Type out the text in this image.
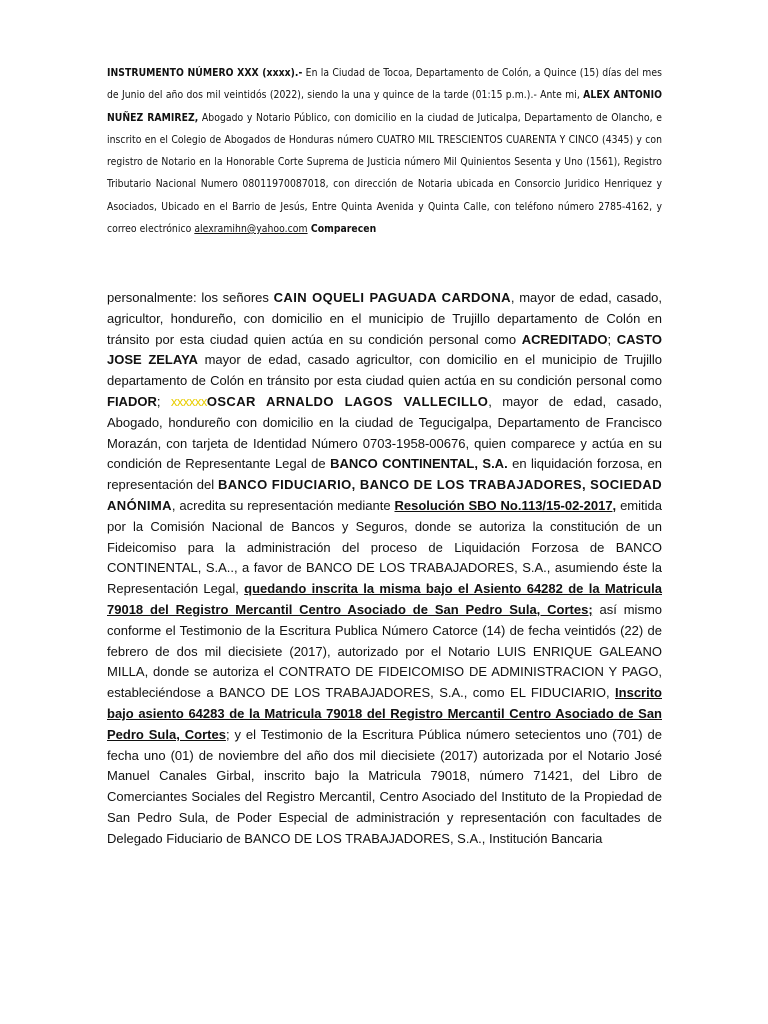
INSTRUMENTO NÚMERO XXX (xxxx).- En la Ciudad de Tocoa, Departamento de Colón, a Quince (15) días del mes de Junio del año dos mil veintidós (2022), siendo la una y quince de la tarde (01:15 p.m.).- Ante mi, ALEX ANTONIO NUÑEZ RAMIREZ, Abogado y Notario Público, con domicilio en la ciudad de Juticalpa, Departamento de Olancho, e inscrito en el Colegio de Abogados de Honduras número CUATRO MIL TRESCIENTOS CUARENTA Y CINCO (4345) y con registro de Notario en la Honorable Corte Suprema de Justicia número Mil Quinientos Sesenta y Uno (1561), Registro Tributario Nacional Numero 08011970087018, con dirección de Notaria ubicada en Consorcio Juridico Henriquez y Asociados, Ubicado en el Barrio de Jesús, Entre Quinta Avenida y Quinta Calle, con teléfono número 2785-4162, y correo electrónico alexramihn@yahoo.com Comparecen
personalmente: los señores CAIN OQUELI PAGUADA CARDONA, mayor de edad, casado, agricultor, hondureño, con domicilio en el municipio de Trujillo departamento de Colón en tránsito por esta ciudad quien actúa en su condición personal como ACREDITADO; CASTO JOSE ZELAYA mayor de edad, casado agricultor, con domicilio en el municipio de Trujillo departamento de Colón en tránsito por esta ciudad quien actúa en su condición personal como FIADOR; xxxxxxOSCAR ARNALDO LAGOS VALLECILLO, mayor de edad, casado, Abogado, hondureño con domicilio en la ciudad de Tegucigalpa, Departamento de Francisco Morazán, con tarjeta de Identidad Número 0703-1958-00676, quien comparece y actúa en su condición de Representante Legal de BANCO CONTINENTAL, S.A. en liquidación forzosa, en representación del BANCO FIDUCIARIO, BANCO DE LOS TRABAJADORES, SOCIEDAD ANÓNIMA, acredita su representación mediante Resolución SBO No.113/15-02-2017, emitida por la Comisión Nacional de Bancos y Seguros, donde se autoriza la constitución de un Fideicomiso para la administración del proceso de Liquidación Forzosa de BANCO CONTINENTAL, S.A.., a favor de BANCO DE LOS TRABAJADORES, S.A., asumiendo éste la Representación Legal, quedando inscrita la misma bajo el Asiento 64282 de la Matricula 79018 del Registro Mercantil Centro Asociado de San Pedro Sula, Cortes; así mismo conforme el Testimonio de la Escritura Publica Número Catorce (14) de fecha veintidós (22) de febrero de dos mil diecisiete (2017), autorizado por el Notario LUIS ENRIQUE GALEANO MILLA, donde se autoriza el CONTRATO DE FIDEICOMISO DE ADMINISTRACION Y PAGO, estableciéndose a BANCO DE LOS TRABAJADORES, S.A., como EL FIDUCIARIO, Inscrito bajo asiento 64283 de la Matricula 79018 del Registro Mercantil Centro Asociado de San Pedro Sula, Cortes; y el Testimonio de la Escritura Pública número setecientos uno (701) de fecha uno (01) de noviembre del año dos mil diecisiete (2017) autorizada por el Notario José Manuel Canales Girbal, inscrito bajo la Matricula 79018, número 71421, del Libro de Comerciantes Sociales del Registro Mercantil, Centro Asociado del Instituto de la Propiedad de San Pedro Sula, de Poder Especial de administración y representación con facultades de Delegado Fiduciario de BANCO DE LOS TRABAJADORES, S.A., Institución Bancaria
